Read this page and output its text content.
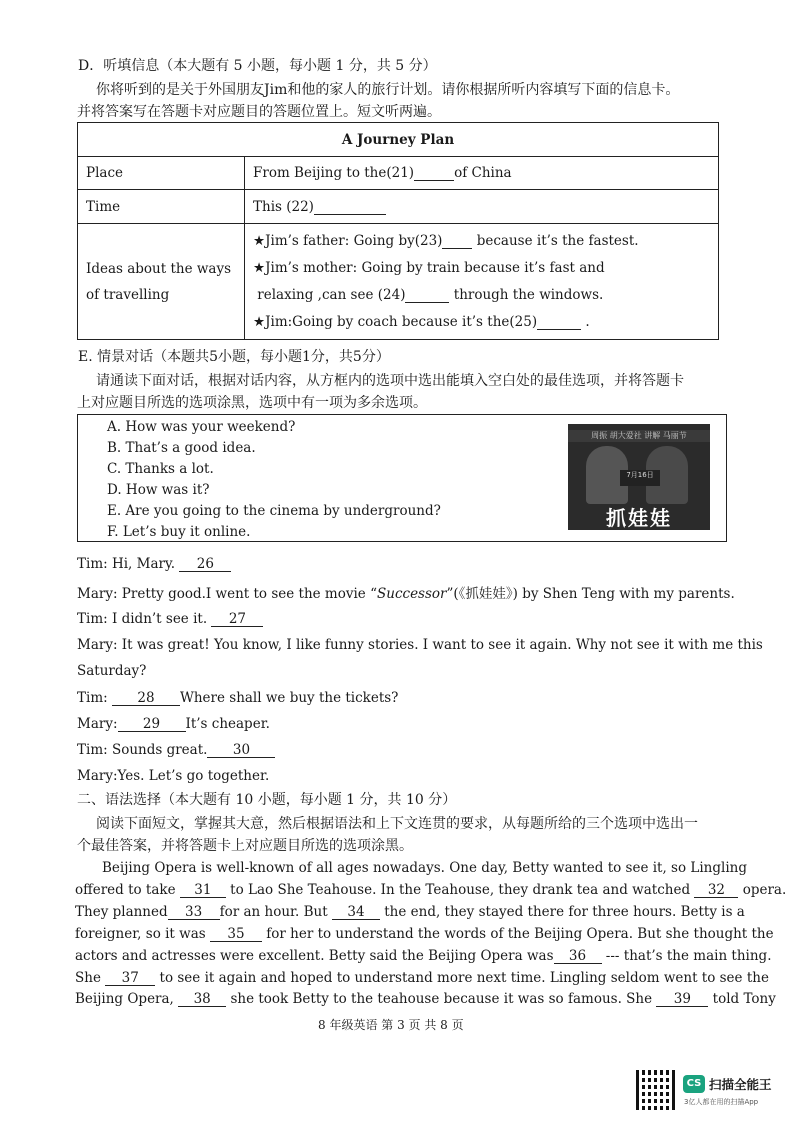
D．听填信息（本大题有 5 小题，每小题 1 分，共 5 分）
你将听到的是关于外国朋友Jim和他的家人的旅行计划。请你根据所听内容填写下面的信息卡。
并将答案写在答题卡对应题目的答题位置上。短文听两遍。
A Journey Plan	
Place	From Beijing to the(21) of China
Time	This (22)
Ideas about the ways
of travelling	★Jim’s father: Going by(23) because it’s the fastest.
★Jim’s mother: Going by train because it’s fast and
relaxing ,can see (24) through the windows.
★Jim:Going by coach because it’s the(25) .
E. 情景对话（本题共5小题，每小题1分，共5分）
请通读下面对话，根据对话内容，从方框内的选项中选出能填入空白处的最佳选项，并将答题卡
上对应题目所选的选项涂黑，选项中有一项为多余选项。
A. How was your weekend?
B. That’s a good idea.
C. Thanks a lot.
D. How was it?
E. Are you going to the cinema by underground?
F. Let’s buy it online.
周振 胡大爱社 讲解 马丽节
7月16日
抓娃娃
Tim: Hi, Mary. 26
Mary: Pretty good.I went to see the movie “Successor”(《抓娃娃》) by Shen Teng with my parents.
Tim: I didn’t see it. 27
Mary: It was great! You know, I like funny stories. I want to see it again. Why not see it with me this
Saturday?
Tim: 28 Where shall we buy the tickets?
Mary: 29 It’s cheaper.
Tim: Sounds great. 30
Mary:Yes. Let’s go together.
二、语法选择（本大题有 10 小题，每小题 1 分，共 10 分）
阅读下面短文，掌握其大意，然后根据语法和上下文连贯的要求，从每题所给的三个选项中选出一
个最佳答案，并将答题卡上对应题目所选的选项涂黑。
Beijing Opera is well-known of all ages nowadays. One day, Betty wanted to see it, so Lingling
offered to take 31 to Lao She Teahouse. In the Teahouse, they drank tea and watched 32 opera.
They planned 33 for an hour. But 34 the end, they stayed there for three hours. Betty is a
foreigner, so it was 35 for her to understand the words of the Beijing Opera. But she thought the
actors and actresses were excellent. Betty said the Beijing Opera was 36 --- that’s the main thing.
She 37 to see it again and hoped to understand more next time. Lingling seldom went to see the
Beijing Opera, 38 she took Betty to the teahouse because it was so famous. She 39 told Tony
8 年级英语 第 3 页 共 8 页
CS 扫描全能王
3亿人都在用的扫描App
